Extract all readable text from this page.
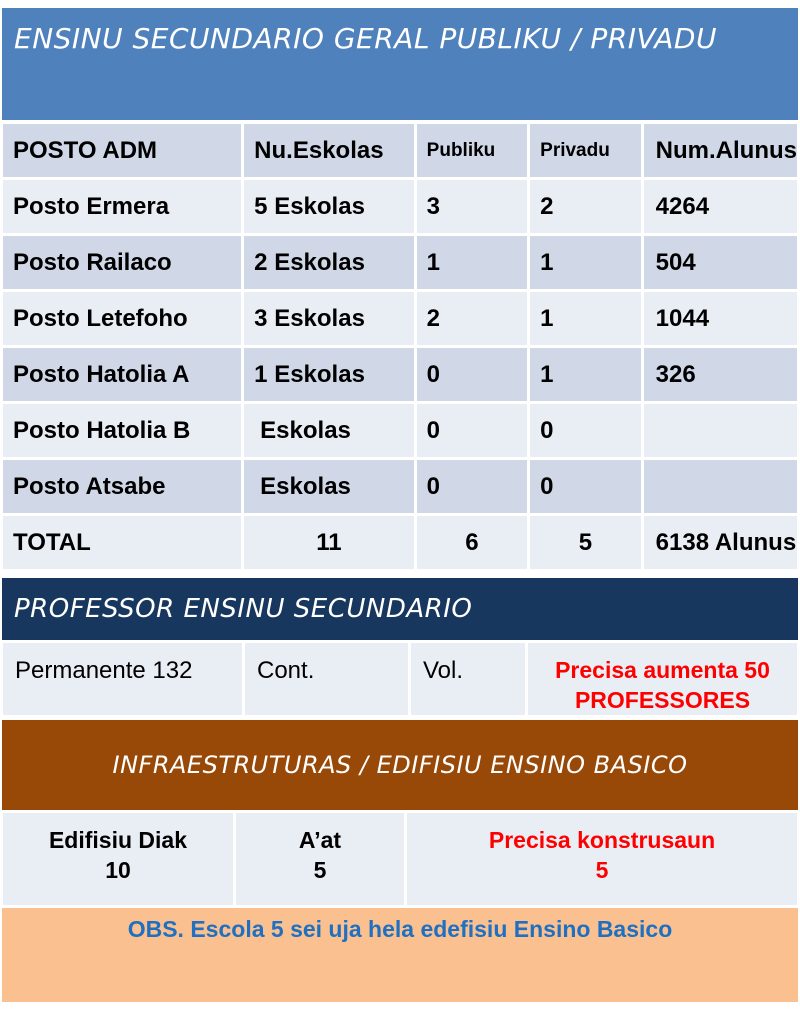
ENSINU SECUNDARIO GERAL PUBLIKU / PRIVADU
POSTO ADM	Nu.Eskolas	Publiku	Privadu	Num.Alunus
Posto Ermera	5 Eskolas	3	2	4264
Posto Railaco	2 Eskolas	1	1	504
Posto Letefoho	3 Eskolas	2	1	1044
Posto Hatolia A	1 Eskolas	0	1	326
Posto Hatolia B	Eskolas	0	0	
Posto Atsabe	Eskolas	0	0	
TOTAL	11	6	5	6138 Alunus
PROFESSOR ENSINU SECUNDARIO
Permanente 132	Cont.	Vol.	Precisa aumenta 50
PROFESSORES
INFRAESTRUTURAS / EDIFISIU ENSINO BASICO
Edifisiu Diak
10

A’at
5

Precisa konstrusaun
5
OBS. Escola 5 sei uja hela edefisiu Ensino Basico
